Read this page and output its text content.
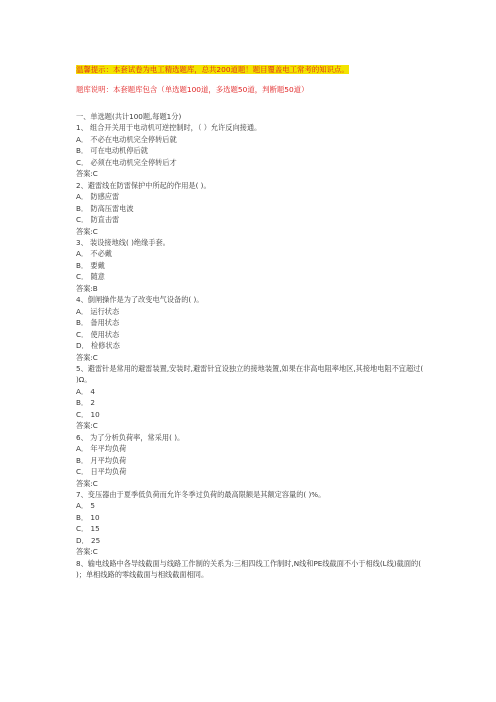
温馨提示：本套试卷为电工精选题库，总共200道题！题目覆盖电工常考的知识点。
题库说明：本套题库包含（单选题100道，多选题50道，判断题50道）
一、单选题(共计100题,每题1分)
1、 组合开关用于电动机可逆控制时，（ ）允许反向接通。
A． 不必在电动机完全停转后就
B． 可在电动机停后就
C． 必须在电动机完全停转后才
答案:C
2、避雷线在防雷保护中所起的作用是( )。
A． 防感应雷
B． 防高压雷电波
C． 防直击雷
答案:C
3、 装设接地线( )绝缘手套。
A． 不必戴
B． 要戴
C． 随意
答案:B
4、倒闸操作是为了改变电气设备的( )。
A． 运行状态
B． 备用状态
C． 使用状态
D． 检修状态
答案:C
5、避雷针是常用的避雷装置,安装时,避雷针宜设独立的接地装置,如果在非高电阻率地区,其接地电阻不宜超过( )Ω。
A． 4
B． 2
C． 10
答案:C
6、 为了分析负荷率，常采用( )。
A． 年平均负荷
B． 月平均负荷
C． 日平均负荷
答案:C
7、变压器由于夏季低负荷而允许冬季过负荷的最高限额是其额定容量的( )%。
A． 5
B． 10
C． 15
D． 25
答案:C
8、输电线路中各导线截面与线路工作制的关系为:三相四线工作制时,N线和PE线截面不小于相线(L线)截面的( )；单相线路的零线截面与相线截面相同。
